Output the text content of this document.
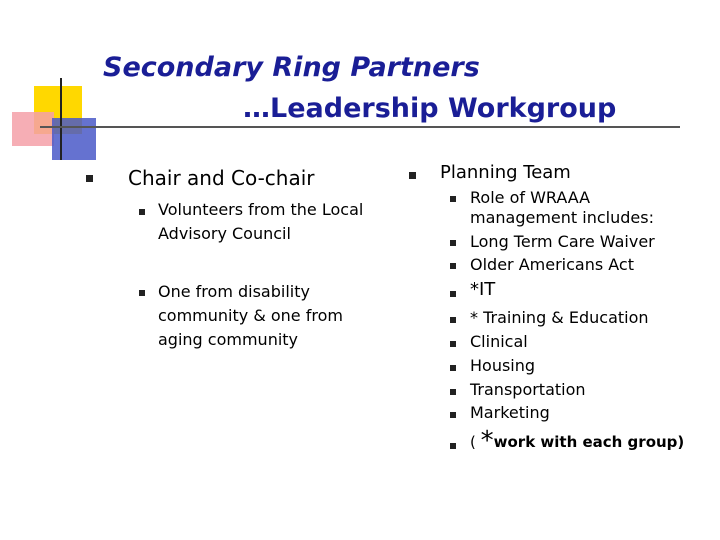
Secondary Ring Partners
…Leadership Workgroup
Chair and Co-chair
Volunteers from the Local
Advisory Council
One from disability
community & one from
aging community
Planning Team
Role of WRAAA
management includes:
Long Term Care Waiver
Older Americans Act
*IT
* Training & Education
Clinical
Housing
Transportation
Marketing
( *work with each group)
